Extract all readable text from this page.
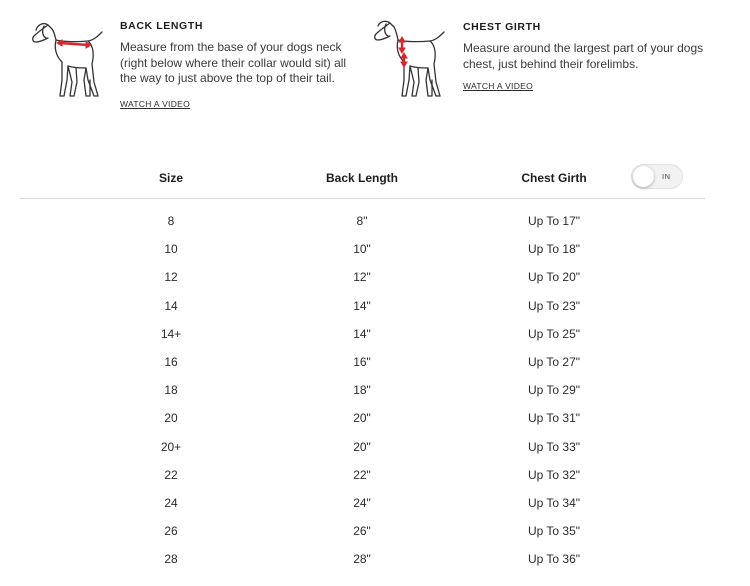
BACK LENGTH

Measure from the base of your dogs neck (right below where their collar would sit) all the way to just above the top of their tail.

WATCH A VIDEO
CHEST GIRTH

Measure around the largest part of your dogs chest, just behind their forelimbs.

WATCH A VIDEO
Size	Back Length	Chest Girth	IN
8	8"	Up To 17"
10	10"	Up To 18"
12	12"	Up To 20"
14	14"	Up To 23"
14+	14"	Up To 25"
16	16"	Up To 27"
18	18"	Up To 29"
20	20"	Up To 31"
20+	20"	Up To 33"
22	22"	Up To 32"
24	24"	Up To 34"
26	26"	Up To 35"
28	28"	Up To 36"
